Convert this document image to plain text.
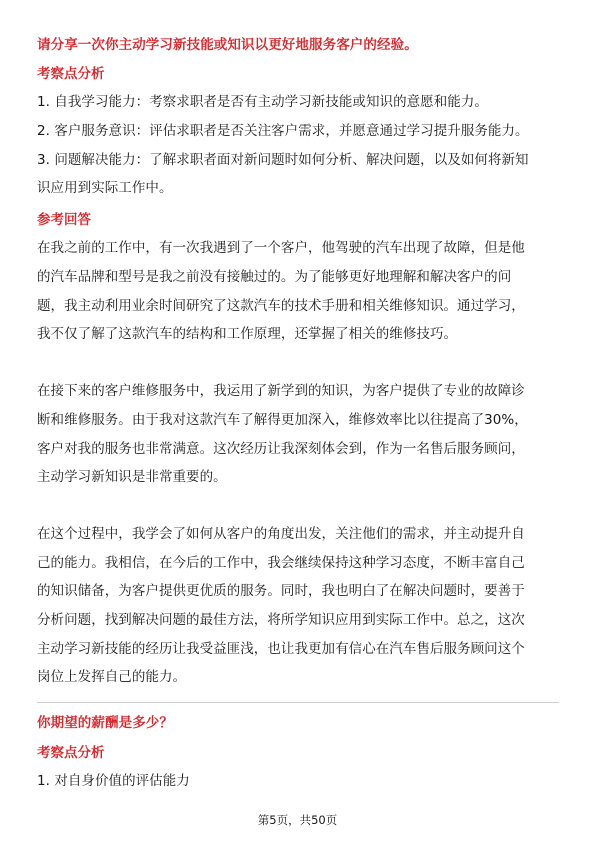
请分享一次你主动学习新技能或知识以更好地服务客户的经验。
考察点分析
1. 自我学习能力：考察求职者是否有主动学习新技能或知识的意愿和能力。
2. 客户服务意识：评估求职者是否关注客户需求，并愿意通过学习提升服务能力。
3. 问题解决能力：了解求职者面对新问题时如何分析、解决问题，以及如何将新知
识应用到实际工作中。
参考回答
在我之前的工作中，有一次我遇到了一个客户，他驾驶的汽车出现了故障，但是他
的汽车品牌和型号是我之前没有接触过的。为了能够更好地理解和解决客户的问
题，我主动利用业余时间研究了这款汽车的技术手册和相关维修知识。通过学习，
我不仅了解了这款汽车的结构和工作原理，还掌握了相关的维修技巧。
在接下来的客户维修服务中，我运用了新学到的知识，为客户提供了专业的故障诊
断和维修服务。由于我对这款汽车了解得更加深入，维修效率比以往提高了30%，
客户对我的服务也非常满意。这次经历让我深刻体会到，作为一名售后服务顾问，
主动学习新知识是非常重要的。
在这个过程中，我学会了如何从客户的角度出发，关注他们的需求，并主动提升自
己的能力。我相信，在今后的工作中，我会继续保持这种学习态度，不断丰富自己
的知识储备，为客户提供更优质的服务。同时，我也明白了在解决问题时，要善于
分析问题，找到解决问题的最佳方法，将所学知识应用到实际工作中。总之，这次
主动学习新技能的经历让我受益匪浅，也让我更加有信心在汽车售后服务顾问这个
岗位上发挥自己的能力。
你期望的薪酬是多少？
考察点分析
1. 对自身价值的评估能力
第5页，共50页
